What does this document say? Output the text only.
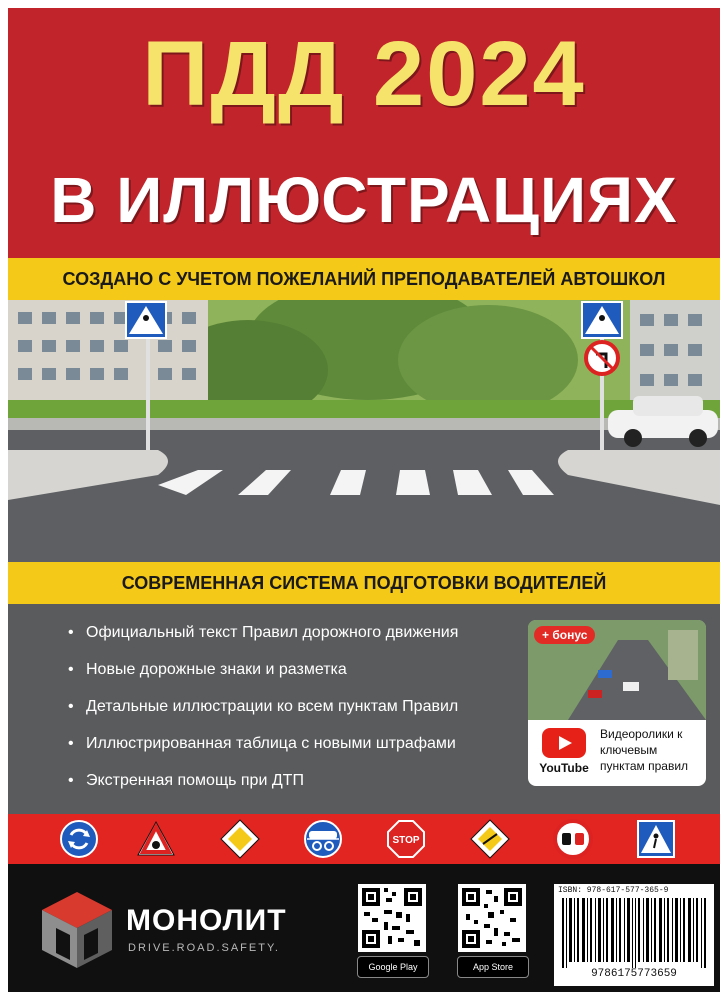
ПДД 2024
В ИЛЛЮСТРАЦИЯХ
СОЗДАНО С УЧЕТОМ ПОЖЕЛАНИЙ ПРЕПОДАВАТЕЛЕЙ АВТОШКОЛ
СОВРЕМЕННАЯ СИСТЕМА ПОДГОТОВКИ ВОДИТЕЛЕЙ
• Официальный текст Правил дорожного движения
• Новые дорожные знаки и разметка
• Детальные иллюстрации ко всем пунктам Правил
• Иллюстрированная таблица с новыми штрафами
• Экстренная помощь при ДТП
+ бонус
YouTube
Видеоролики к ключевым пунктам правил
STOP
МОНОЛИТ
DRIVE.ROAD.SAFETY.
Google Play	App Store
ISBN: 978-617-577-365-9
9786175773659
